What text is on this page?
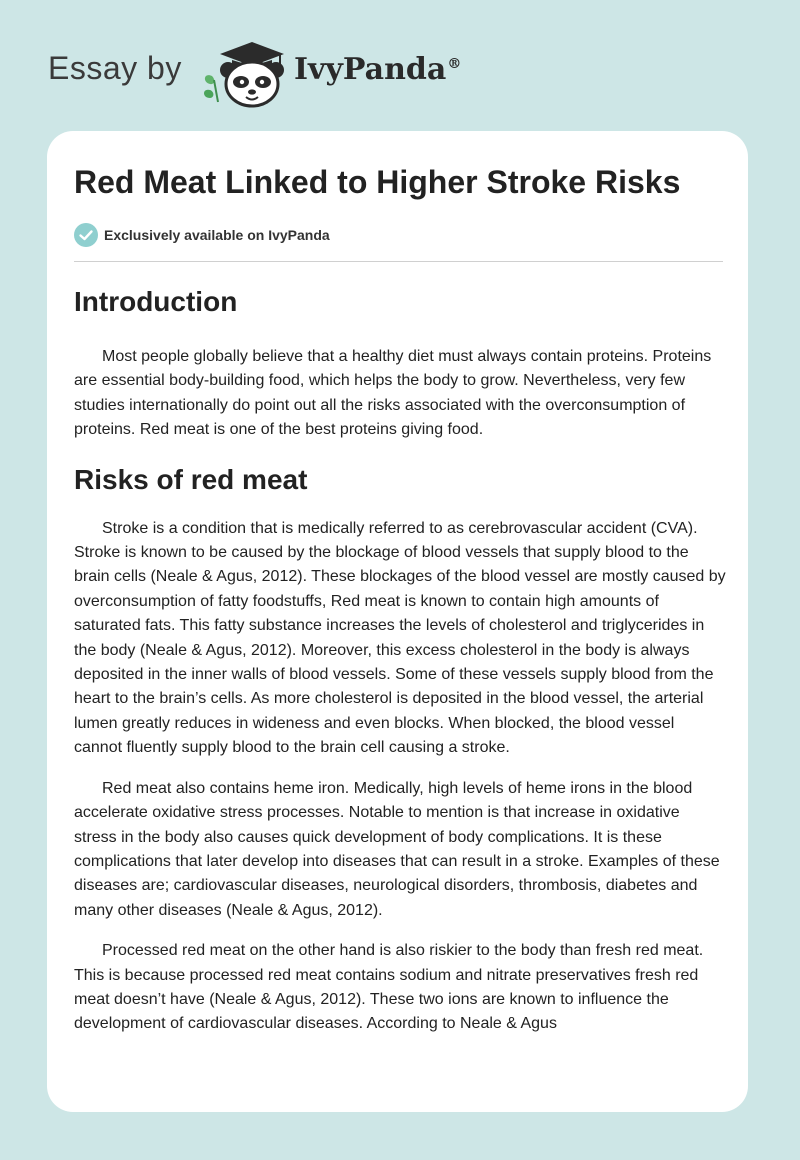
Essay by	IvyPanda®
Red Meat Linked to Higher Stroke Risks
Exclusively available on IvyPanda
Introduction

Most people globally believe that a healthy diet must always contain proteins. Proteins are essential body-building food, which helps the body to grow. Nevertheless, very few studies internationally do point out all the risks associated with the overconsumption of proteins. Red meat is one of the best proteins giving food.

Risks of red meat

Stroke is a condition that is medically referred to as cerebrovascular accident (CVA). Stroke is known to be caused by the blockage of blood vessels that supply blood to the brain cells (Neale & Agus, 2012). These blockages of the blood vessel are mostly caused by overconsumption of fatty foodstuffs, Red meat is known to contain high amounts of saturated fats. This fatty substance increases the levels of cholesterol and triglycerides in the body (Neale & Agus, 2012). Moreover, this excess cholesterol in the body is always deposited in the inner walls of blood vessels. Some of these vessels supply blood from the heart to the brain’s cells. As more cholesterol is deposited in the blood vessel, the arterial lumen greatly reduces in wideness and even blocks. When blocked, the blood vessel cannot fluently supply blood to the brain cell causing a stroke.

Red meat also contains heme iron. Medically, high levels of heme irons in the blood accelerate oxidative stress processes. Notable to mention is that increase in oxidative stress in the body also causes quick development of body complications. It is these complications that later develop into diseases that can result in a stroke. Examples of these diseases are; cardiovascular diseases, neurological disorders, thrombosis, diabetes and many other diseases (Neale & Agus, 2012).

Processed red meat on the other hand is also riskier to the body than fresh red meat. This is because processed red meat contains sodium and nitrate preservatives fresh red meat doesn’t have (Neale & Agus, 2012). These two ions are known to influence the development of cardiovascular diseases. According to Neale & Agus
